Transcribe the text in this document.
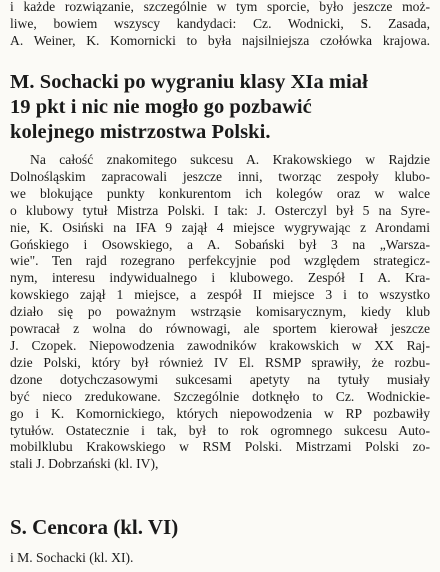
i każde rozwiązanie, szczególnie w tym sporcie, było jeszcze moż-
liwe, bowiem wszyscy kandydaci: Cz. Wodnicki, S. Zasada,
A. Weiner, K. Komornicki to była najsilniejsza czołówka krajowa.
M. Sochacki po wygraniu klasy XIa miał
19 pkt i nic nie mogło go pozbawić
kolejnego mistrzostwa Polski.
Na całość znakomitego sukcesu A. Krakowskiego w Rajdzie
Dolnośląskim zapracowali jeszcze inni, tworząc zespoły klubo-
we blokujące punkty konkurentom ich kolegów oraz w walce
o klubowy tytuł Mistrza Polski. I tak: J. Osterczyl był 5 na Syre-
nie, K. Osiński na IFA 9 zajął 4 miejsce wygrywając z Arondami
Gońskiego i Osowskiego, a A. Sobański był 3 na „Warsza-
wie". Ten rajd rozegrano perfekcyjnie pod względem strategicz-
nym, interesu indywidualnego i klubowego. Zespół I A. Kra-
kowskiego zajął 1 miejsce, a zespół II miejsce 3 i to wszystko
działo się po poważnym wstrząsie komisarycznym, kiedy klub
powracał z wolna do równowagi, ale sportem kierował jeszcze
J. Czopek. Niepowodzenia zawodników krakowskich w XX Raj-
dzie Polski, który był również IV El. RSMP sprawiły, że rozbu-
dzone dotychczasowymi sukcesami apetyty na tytuły musiały
być nieco zredukowane. Szczególnie dotknęło to Cz. Wodnickie-
go i K. Komornickiego, których niepowodzenia w RP pozbawiły
tytułów. Ostatecznie i tak, był to rok ogromnego sukcesu Auto-
mobilklubu Krakowskiego w RSM Polski. Mistrzami Polski zo-
stali J. Dobrzański (kl. IV),
S. Cencora (kl. VI)
i M. Sochacki (kl. XI).
